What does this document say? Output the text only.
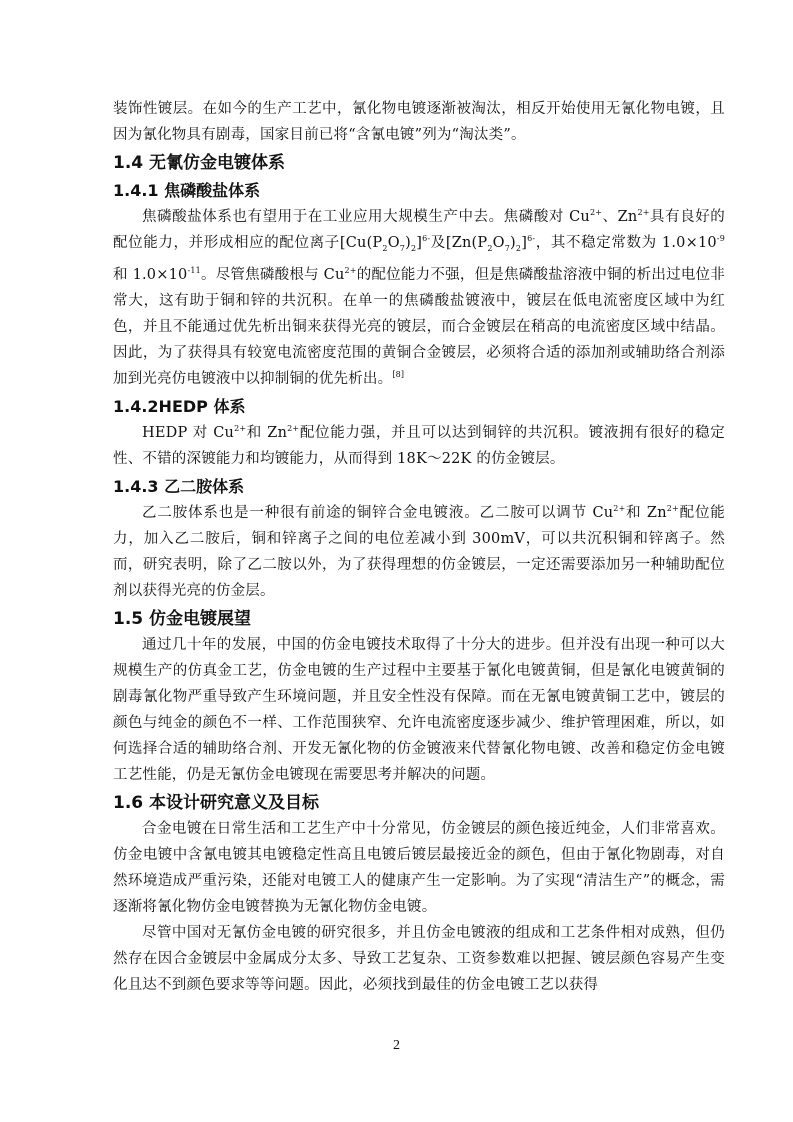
装饰性镀层。在如今的生产工艺中，氰化物电镀逐渐被淘汰，相反开始使用无氰化物电镀，且因为氰化物具有剧毒，国家目前已将“含氰电镀”列为“淘汰类”。

1.4 无氰仿金电镀体系
1.4.1 焦磷酸盐体系

焦磷酸盐体系也有望用于在工业应用大规模生产中去。焦磷酸对 $Cu^{2+}$、$Zn^{2+}$具有良好的配位能力，并形成相应的配位离子$[Cu(P_2O_7)_2]^{6-}$及$[Zn(P_2O_7)_2]^{6-}$，其不稳定常数为 $1.0\times 10^{-9}$和 $1.0\times 10^{-11}$。尽管焦磷酸根与 $Cu^{2+}$的配位能力不强，但是焦磷酸盐溶液中铜的析出过电位非常大，这有助于铜和锌的共沉积。在单一的焦磷酸盐镀液中，镀层在低电流密度区域中为红色，并且不能通过优先析出铜来获得光亮的镀层，而合金镀层在稍高的电流密度区域中结晶。因此，为了获得具有较宽电流密度范围的黄铜合金镀层，必须将合适的添加剂或辅助络合剂添加到光亮仿电镀液中以抑制铜的优先析出。[8]

1.4.2HEDP 体系

HEDP 对 $Cu^{2+}$和 $Zn^{2+}$配位能力强，并且可以达到铜锌的共沉积。镀液拥有很好的稳定性、不错的深镀能力和均镀能力，从而得到 18K～22K 的仿金镀层。

1.4.3 乙二胺体系

乙二胺体系也是一种很有前途的铜锌合金电镀液。乙二胺可以调节 $Cu^{2+}$和 $Zn^{2+}$配位能力，加入乙二胺后，铜和锌离子之间的电位差减小到 300mV，可以共沉积铜和锌离子。然而，研究表明，除了乙二胺以外，为了获得理想的仿金镀层，一定还需要添加另一种辅助配位剂以获得光亮的仿金层。

1.5 仿金电镀展望

通过几十年的发展，中国的仿金电镀技术取得了十分大的进步。但并没有出现一种可以大规模生产的仿真金工艺，仿金电镀的生产过程中主要基于氰化电镀黄铜，但是氰化电镀黄铜的剧毒氰化物严重导致产生环境问题，并且安全性没有保障。而在无氰电镀黄铜工艺中，镀层的颜色与纯金的颜色不一样、工作范围狭窄、允许电流密度逐步减少、维护管理困难，所以，如何选择合适的辅助络合剂、开发无氰化物的仿金镀液来代替氰化物电镀、改善和稳定仿金电镀工艺性能，仍是无氰仿金电镀现在需要思考并解决的问题。

1.6 本设计研究意义及目标

合金电镀在日常生活和工艺生产中十分常见，仿金镀层的颜色接近纯金，人们非常喜欢。仿金电镀中含氰电镀其电镀稳定性高且电镀后镀层最接近金的颜色，但由于氰化物剧毒，对自然环境造成严重污染，还能对电镀工人的健康产生一定影响。为了实现“清洁生产”的概念，需逐渐将氰化物仿金电镀替换为无氰化物仿金电镀。

尽管中国对无氰仿金电镀的研究很多，并且仿金电镀液的组成和工艺条件相对成熟，但仍然存在因合金镀层中金属成分太多、导致工艺复杂、工资参数难以把握、镀层颜色容易产生变化且达不到颜色要求等等问题。因此，必须找到最佳的仿金电镀工艺以获得

2
